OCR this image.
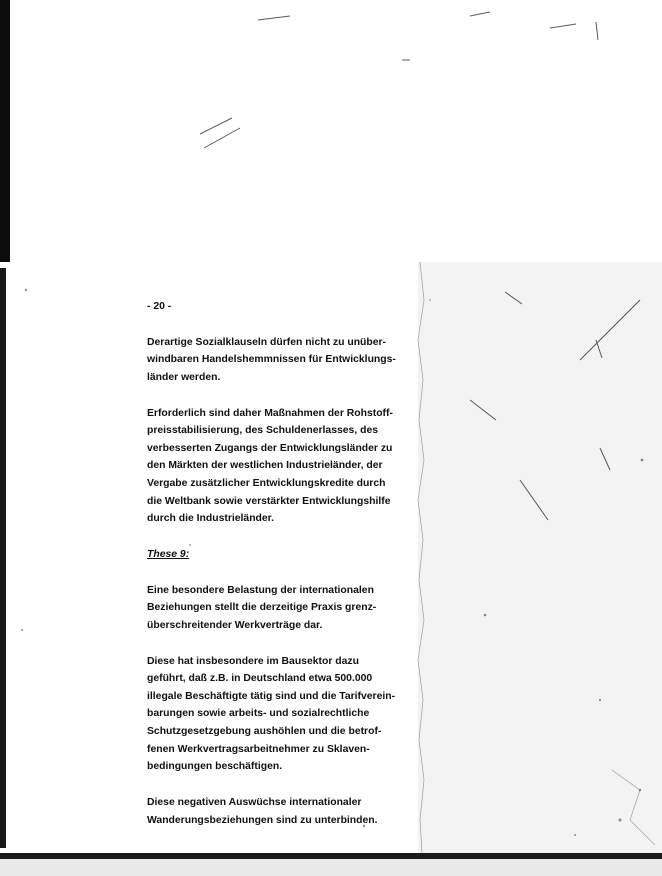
- 20 -

Derartige Sozialklauseln dürfen nicht zu unüber-
windbaren Handelshemmnissen für Entwicklungs-
länder werden.

Erforderlich sind daher Maßnahmen der Rohstoff-
preisstabilisierung, des Schuldenerlasses, des
verbesserten Zugangs der Entwicklungsländer zu
den Märkten der westlichen Industrieländer, der
Vergabe zusätzlicher Entwicklungskredite durch
die Weltbank sowie verstärkter Entwicklungshilfe
durch die Industrieländer.

These 9:

Eine besondere Belastung der internationalen
Beziehungen stellt die derzeitige Praxis grenz-
überschreitender Werkverträge dar.

Diese hat insbesondere im Bausektor dazu
geführt, daß z.B. in Deutschland etwa 500.000
illegale Beschäftigte tätig sind und die Tarifverein-
barungen sowie arbeits- und sozialrechtliche
Schutzgesetzgebung aushöhlen und die betrof-
fenen Werkvertragsarbeitnehmer zu Sklaven-
bedingungen beschäftigen.

Diese negativen Auswüchse internationaler
Wanderungsbeziehungen sind zu unterbinden.
